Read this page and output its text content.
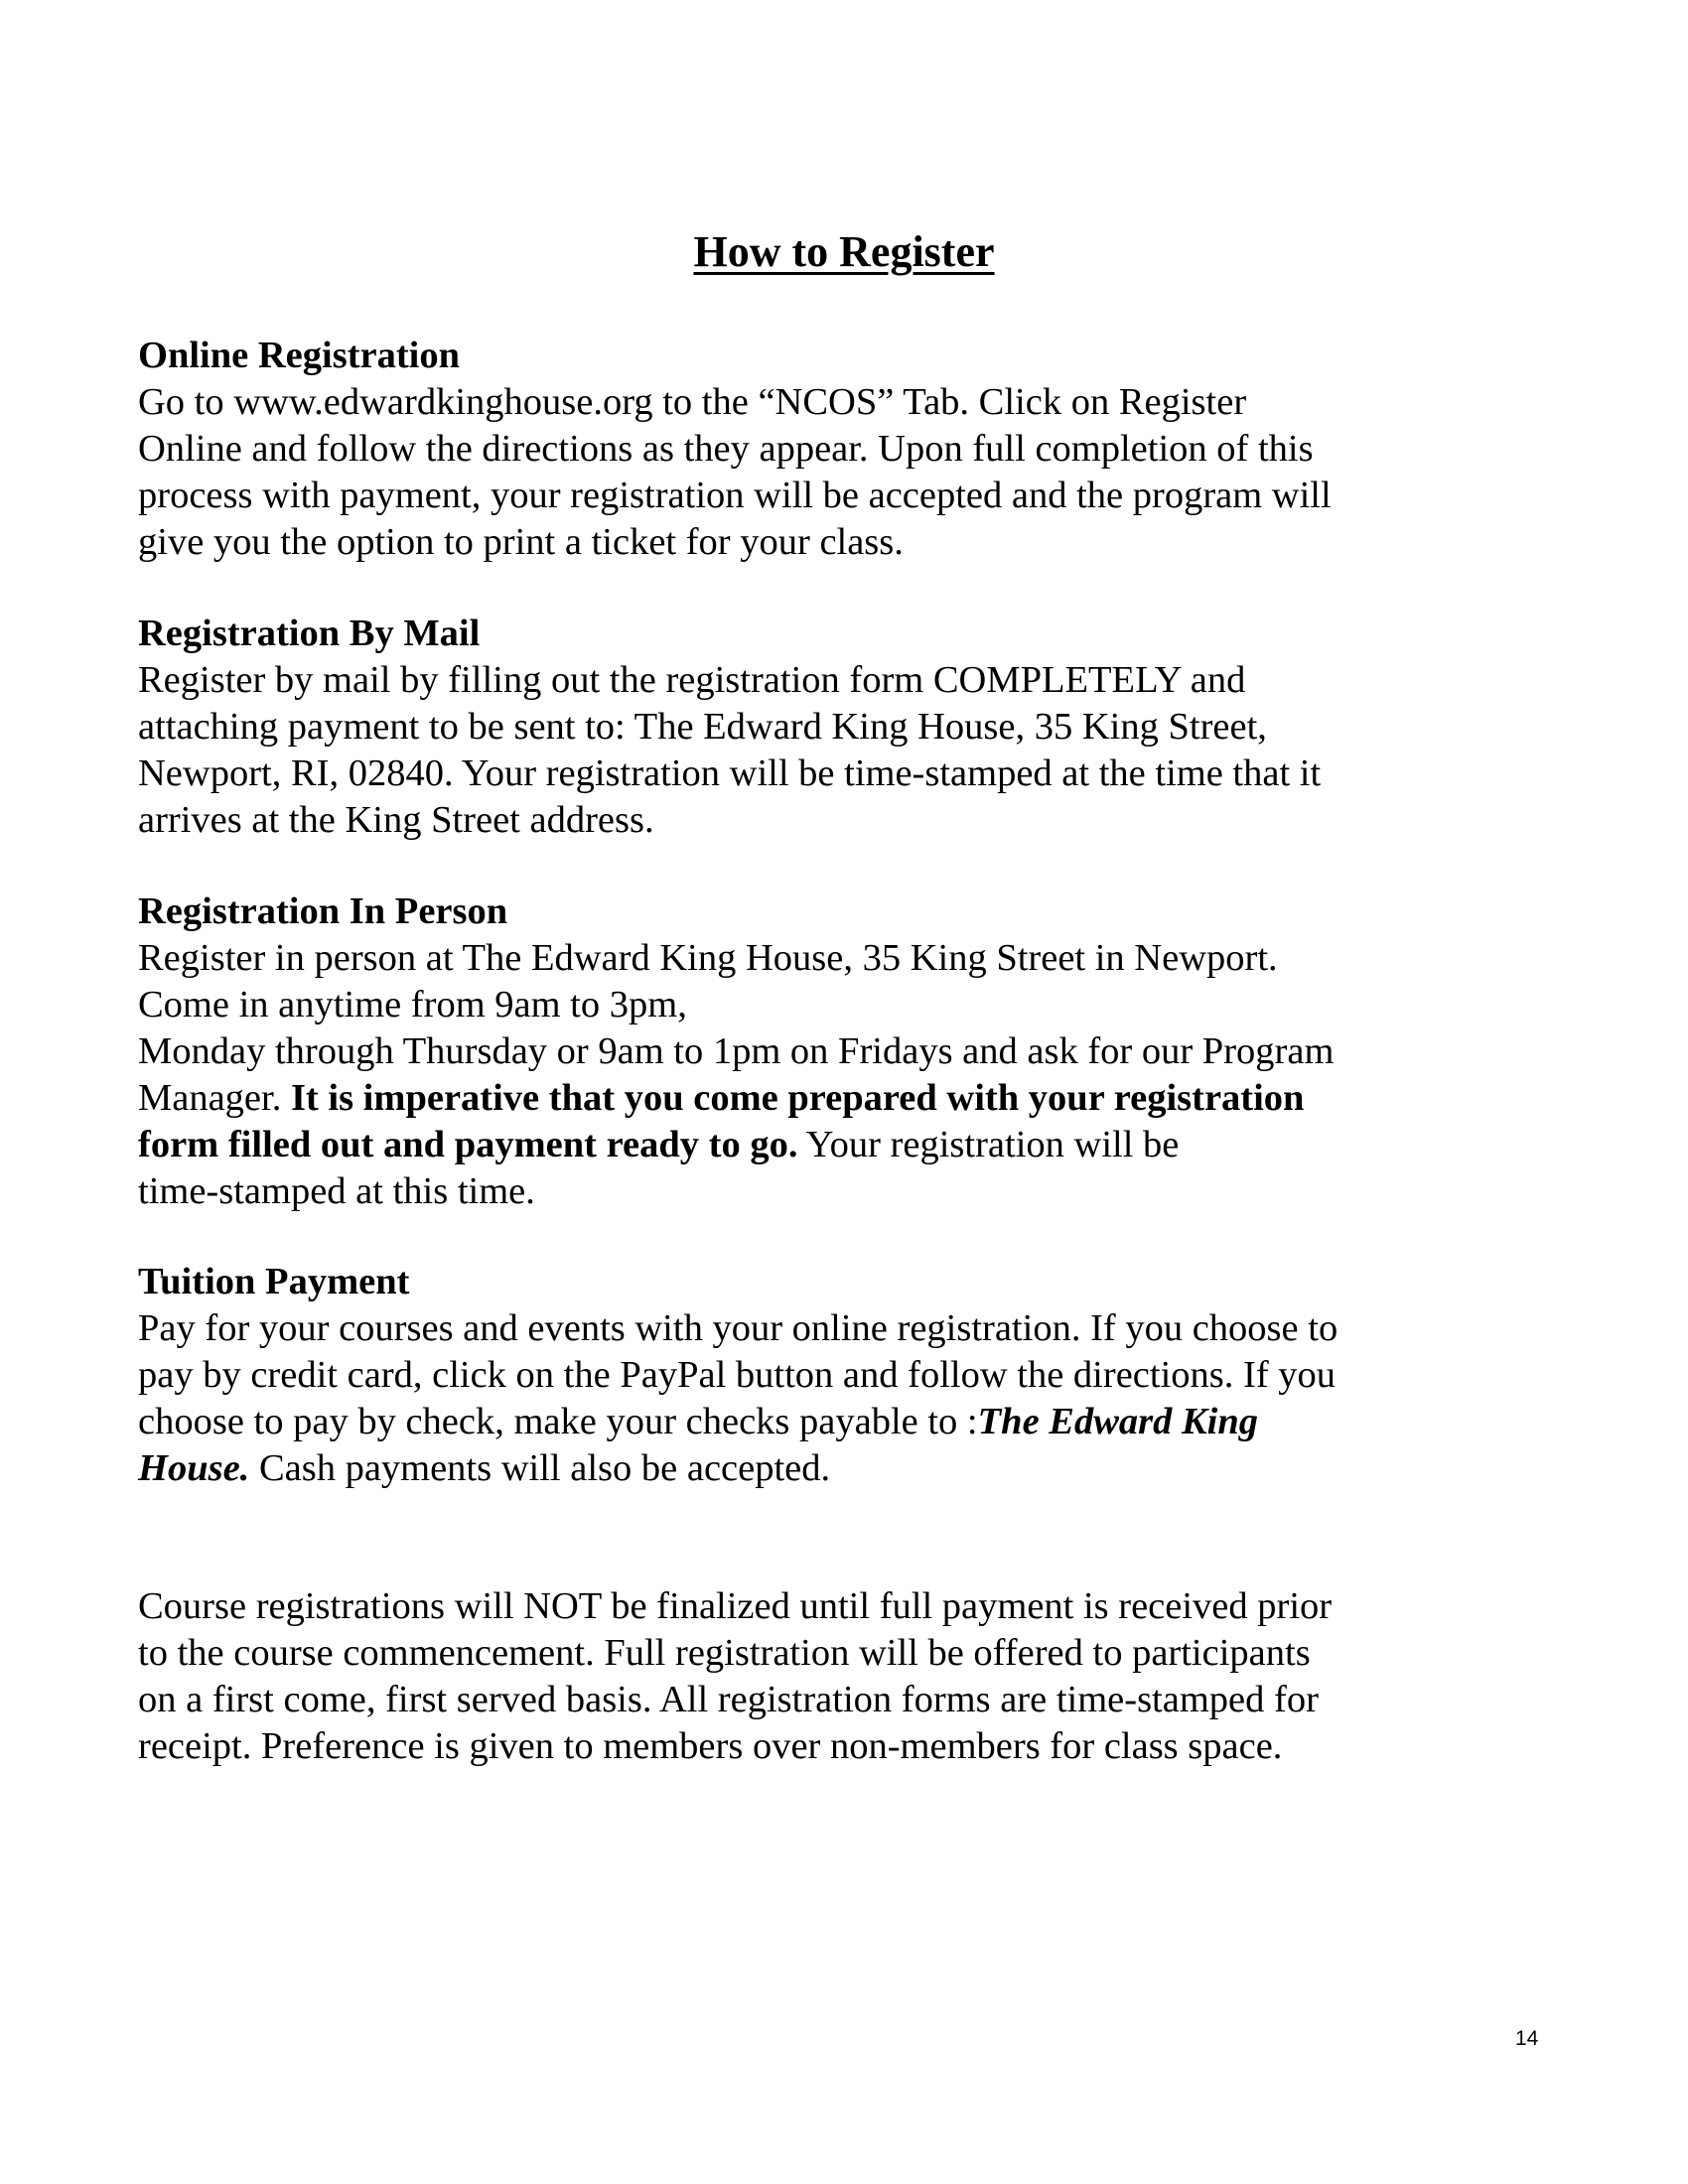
How to Register
Online Registration
Go to www.edwardkinghouse.org to the “NCOS” Tab. Click on Register
Online and follow the directions as they appear. Upon full completion of this
process with payment, your registration will be accepted and the program will
give you the option to print a ticket for your class.
Registration By Mail
Register by mail by filling out the registration form COMPLETELY and
attaching payment to be sent to: The Edward King House, 35 King Street,
Newport, RI, 02840. Your registration will be time-stamped at the time that it
arrives at the King Street address.
Registration In Person
Register in person at The Edward King House, 35 King Street in Newport.
Come in anytime from 9am to 3pm,
Monday through Thursday or 9am to 1pm on Fridays and ask for our Program
Manager. It is imperative that you come prepared with your registration
form filled out and payment ready to go. Your registration will be
time-stamped at this time.
Tuition Payment
Pay for your courses and events with your online registration. If you choose to
pay by credit card, click on the PayPal button and follow the directions. If you
choose to pay by check, make your checks payable to :The Edward King
House. Cash payments will also be accepted.
Course registrations will NOT be finalized until full payment is received prior
to the course commencement. Full registration will be offered to participants
on a first come, first served basis. All registration forms are time-stamped for
receipt. Preference is given to members over non-members for class space.
14
